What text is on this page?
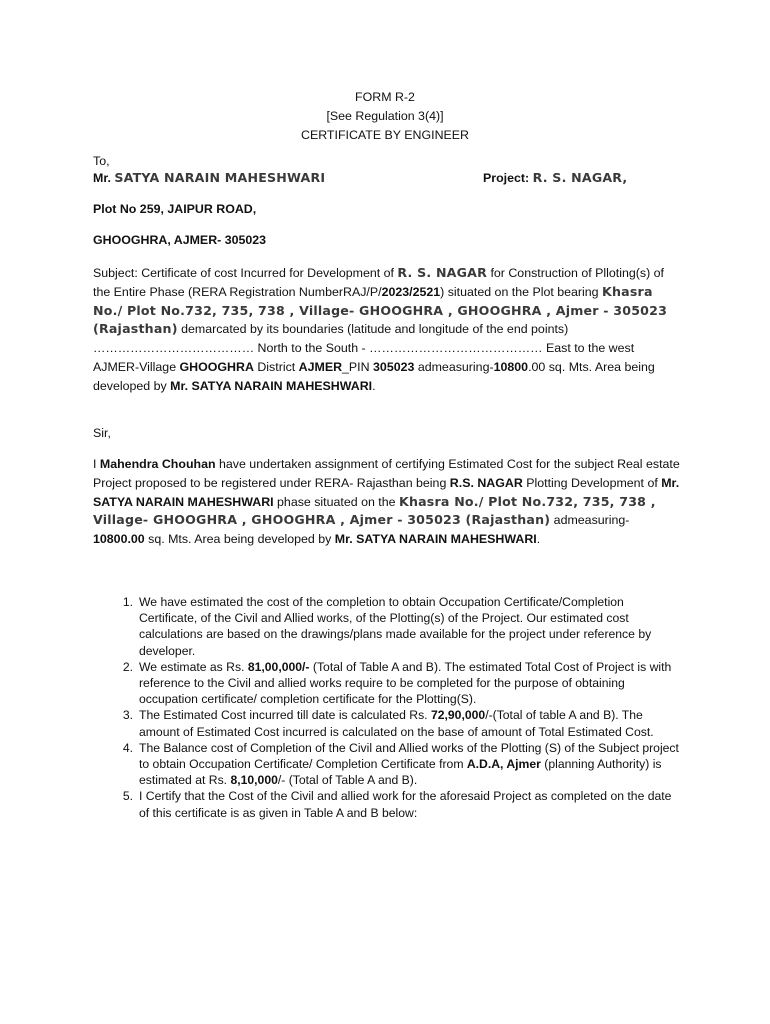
FORM R-2
[See Regulation 3(4)]
CERTIFICATE BY ENGINEER
To,
Mr. SATYA NARAIN MAHESHWARI	Project: R. S. NAGAR,
Plot No 259, JAIPUR ROAD,
GHOOGHRA, AJMER- 305023
Subject: Certificate of cost Incurred for Development of R. S. NAGAR for Construction of Plloting(s) of the Entire Phase (RERA Registration NumberRAJ/P/2023/2521) situated on the Plot bearing Khasra No./ Plot No.732, 735, 738 , Village- GHOOGHRA , GHOOGHRA , Ajmer - 305023 (Rajasthan) demarcated by its boundaries (latitude and longitude of the end points) ………………………………… North to the South - …………………………………… East to the west AJMER-Village GHOOGHRA District AJMER_PIN 305023 admeasuring-10800.00 sq. Mts. Area being developed by Mr. SATYA NARAIN MAHESHWARI.
Sir,
I Mahendra Chouhan have undertaken assignment of certifying Estimated Cost for the subject Real estate Project proposed to be registered under RERA- Rajasthan being R.S. NAGAR Plotting Development of Mr. SATYA NARAIN MAHESHWARI phase situated on the Khasra No./ Plot No.732, 735, 738 , Village- GHOOGHRA , GHOOGHRA , Ajmer - 305023 (Rajasthan) admeasuring- 10800.00 sq. Mts. Area being developed by Mr. SATYA NARAIN MAHESHWARI.
1. We have estimated the cost of the completion to obtain Occupation Certificate/Completion Certificate, of the Civil and Allied works, of the Plotting(s) of the Project. Our estimated cost calculations are based on the drawings/plans made available for the project under reference by developer.
2. We estimate as Rs. 81,00,000/- (Total of Table A and B). The estimated Total Cost of Project is with reference to the Civil and allied works require to be completed for the purpose of obtaining occupation certificate/ completion certificate for the Plotting(S).
3. The Estimated Cost incurred till date is calculated Rs. 72,90,000/-(Total of table A and B). The amount of Estimated Cost incurred is calculated on the base of amount of Total Estimated Cost.
4. The Balance cost of Completion of the Civil and Allied works of the Plotting (S) of the Subject project to obtain Occupation Certificate/ Completion Certificate from A.D.A, Ajmer (planning Authority) is estimated at Rs. 8,10,000/- (Total of Table A and B).
5. I Certify that the Cost of the Civil and allied work for the aforesaid Project as completed on the date of this certificate is as given in Table A and B below:
